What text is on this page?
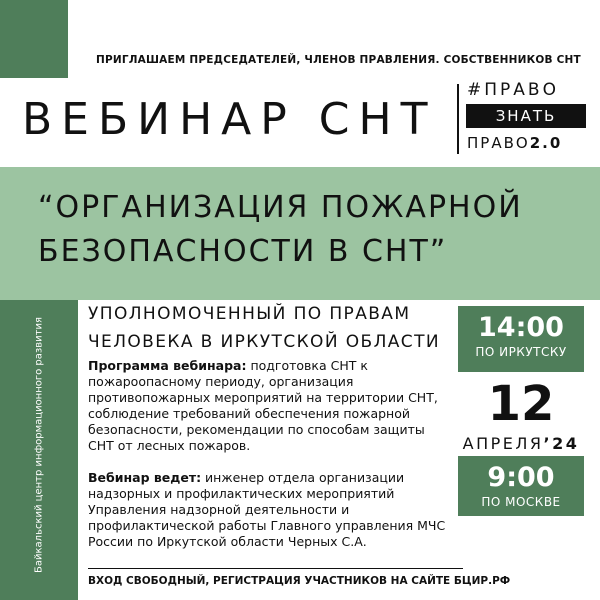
ПРИГЛАШАЕМ ПРЕДСЕДАТЕЛЕЙ, ЧЛЕНОВ ПРАВЛЕНИЯ. СОБСТВЕННИКОВ СНТ
ВЕБИНАР СНТ
#ПРАВО
ЗНАТЬ
ПРАВО2.0
“ОРГАНИЗАЦИЯ ПОЖАРНОЙ
БЕЗОПАСНОСТИ В СНТ”
Байкальский центр информационного развития
УПОЛНОМОЧЕННЫЙ ПО ПРАВАМ
ЧЕЛОВЕКА В ИРКУТСКОЙ ОБЛАСТИ
Программа вебинара: подготовка СНТ к пожароопасному периоду, организация противопожарных мероприятий на территории СНТ, соблюдение требований обеспечения пожарной безопасности, рекомендации по способам защиты СНТ от лесных пожаров.
Вебинар ведет: инженер отдела организации надзорных и профилактических мероприятий Управления надзорной деятельности и профилактической работы Главного управления МЧС России по Иркутской области Черных С.А.
14:00
ПО ИРКУТСКУ
12
АПРЕЛЯ’24
9:00
ПО МОСКВЕ
ВХОД СВОБОДНЫЙ, РЕГИСТРАЦИЯ УЧАСТНИКОВ НА САЙТЕ БЦИР.РФ
